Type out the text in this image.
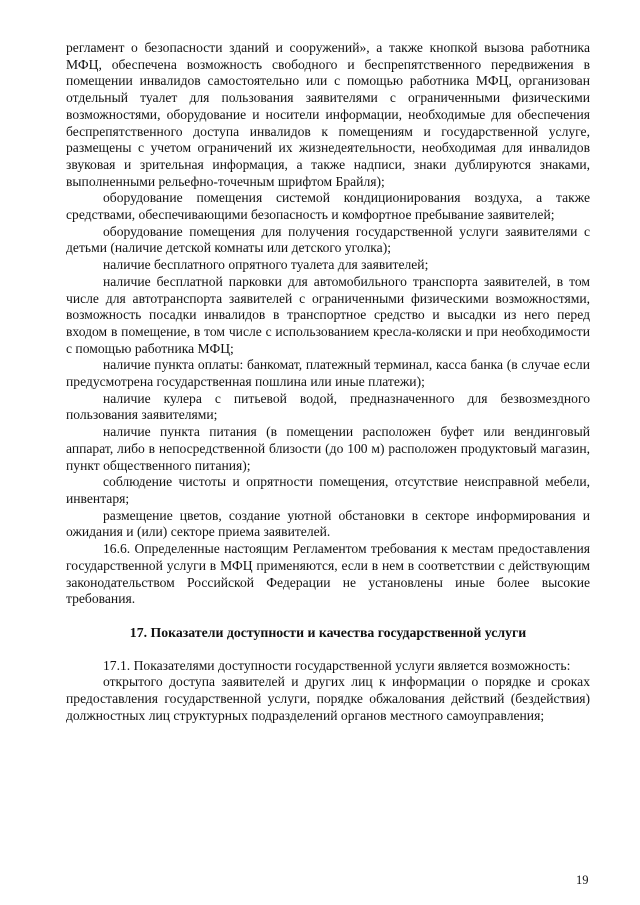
регламент о безопасности зданий и сооружений», а также кнопкой вызова работника МФЦ, обеспечена возможность свободного и беспрепятственного передвижения в помещении инвалидов самостоятельно или с помощью работника МФЦ, организован отдельный туалет для пользования заявителями с ограниченными физическими возможностями, оборудование и носители информации, необходимые для обеспечения беспрепятственного доступа инвалидов к помещениям и государственной услуге, размещены с учетом ограничений их жизнедеятельности, необходимая для инвалидов звуковая и зрительная информация, а также надписи, знаки дублируются знаками, выполненными рельефно-точечным шрифтом Брайля);

оборудование помещения системой кондиционирования воздуха, а также средствами, обеспечивающими безопасность и комфортное пребывание заявителей;

оборудование помещения для получения государственной услуги заявителями с детьми (наличие детской комнаты или детского уголка);

наличие бесплатного опрятного туалета для заявителей;

наличие бесплатной парковки для автомобильного транспорта заявителей, в том числе для автотранспорта заявителей с ограниченными физическими возможностями, возможность посадки инвалидов в транспортное средство и высадки из него перед входом в помещение, в том числе с использованием кресла-коляски и при необходимости с помощью работника МФЦ;

наличие пункта оплаты: банкомат, платежный терминал, касса банка (в случае если предусмотрена государственная пошлина или иные платежи);

наличие кулера с питьевой водой, предназначенного для безвозмездного пользования заявителями;

наличие пункта питания (в помещении расположен буфет или вендинговый аппарат, либо в непосредственной близости (до 100 м) расположен продуктовый магазин, пункт общественного питания);

соблюдение чистоты и опрятности помещения, отсутствие неисправной мебели, инвентаря;

размещение цветов, создание уютной обстановки в секторе информирования и ожидания и (или) секторе приема заявителей.

16.6. Определенные настоящим Регламентом требования к местам предоставления государственной услуги в МФЦ применяются, если в нем в соответствии с действующим законодательством Российской Федерации не установлены иные более высокие требования.

17. Показатели доступности и качества государственной услуги

17.1. Показателями доступности государственной услуги является возможность:

открытого доступа заявителей и других лиц к информации о порядке и сроках предоставления государственной услуги, порядке обжалования действий (бездействия) должностных лиц структурных подразделений органов местного самоуправления;

19
